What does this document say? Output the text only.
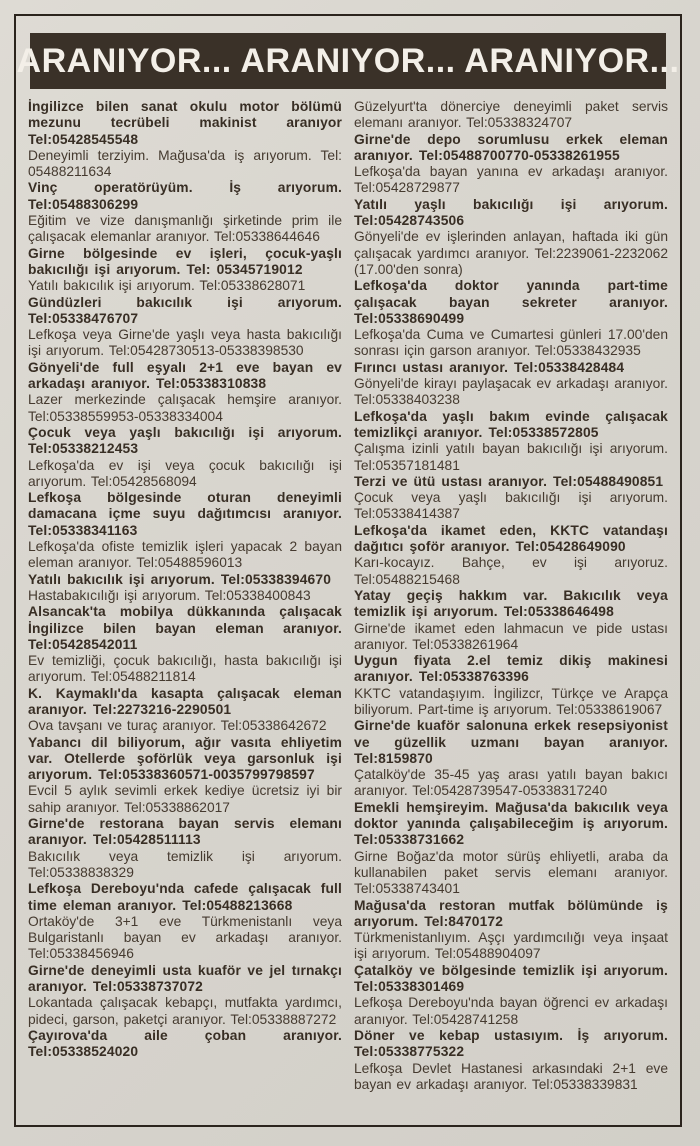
ARANIYOR... ARANIYOR... ARANIYOR...

İngilizce bilen sanat okulu motor bölümü mezunu tecrübeli makinist aranıyor Tel:05428545548

Deneyimli terziyim. Mağusa'da iş arıyorum. Tel: 05488211634

Vinç operatörüyüm. İş arıyorum. Tel:05488306299

Eğitim ve vize danışmanlığı şirketinde prim ile çalışacak elemanlar aranıyor. Tel:05338644646

Girne bölgesinde ev işleri, çocuk-yaşlı bakıcılığı işi arıyorum. Tel: 05345719012

Yatılı bakıcılık işi arıyorum. Tel:05338628071

Gündüzleri bakıcılık işi arıyorum. Tel:05338476707

Lefkoşa veya Girne'de yaşlı veya hasta bakıcılığı işi arıyorum. Tel:05428730513-05338398530

Gönyeli'de full eşyalı 2+1 eve bayan ev arkadaşı aranıyor. Tel:05338310838

Lazer merkezinde çalışacak hemşire aranıyor. Tel:05338559953-05338334004

Çocuk veya yaşlı bakıcılığı işi arıyorum. Tel:05338212453

Lefkoşa'da ev işi veya çocuk bakıcılığı işi arıyorum. Tel:05428568094

Lefkoşa bölgesinde oturan deneyimli damacana içme suyu dağıtımcısı aranıyor. Tel:05338341163

Lefkoşa'da ofiste temizlik işleri yapacak 2 bayan eleman aranıyor. Tel:05488596013

Yatılı bakıcılık işi arıyorum. Tel:05338394670

Hastabakıcılığı işi arıyorum. Tel:05338400843

Alsancak'ta mobilya dükkanında çalışacak İngilizce bilen bayan eleman aranıyor. Tel:05428542011

Ev temizliği, çocuk bakıcılığı, hasta bakıcılığı işi arıyorum. Tel:05488211814

K. Kaymaklı'da kasapta çalışacak eleman aranıyor. Tel:2273216-2290501

Ova tavşanı ve turaç aranıyor. Tel:05338642672

Yabancı dil biliyorum, ağır vasıta ehliyetim var. Otellerde şoförlük veya garsonluk işi arıyorum. Tel:05338360571-0035799798597

Evcil 5 aylık sevimli erkek kediye ücretsiz iyi bir sahip aranıyor. Tel:05338862017

Girne'de restorana bayan servis elemanı aranıyor. Tel:05428511113

Bakıcılık veya temizlik işi arıyorum. Tel:05338838329

Lefkoşa Dereboyu'nda cafede çalışacak full time eleman aranıyor. Tel:05488213668

Ortaköy'de 3+1 eve Türkmenistanlı veya Bulgaristanlı bayan ev arkadaşı aranıyor. Tel:05338456946

Girne'de deneyimli usta kuaför ve jel tırnakçı aranıyor. Tel:05338737072

Lokantada çalışacak kebapçı, mutfakta yardımcı, pideci, garson, paketçi aranıyor. Tel:05338887272

Çayırova'da aile çoban aranıyor. Tel:05338524020

Güzelyurt'ta dönerciye deneyimli paket servis elemanı aranıyor. Tel:05338324707

Girne'de depo sorumlusu erkek eleman aranıyor. Tel:05488700770-05338261955

Lefkoşa'da bayan yanına ev arkadaşı aranıyor. Tel:05428729877

Yatılı yaşlı bakıcılığı işi arıyorum. Tel:05428743506

Gönyeli'de ev işlerinden anlayan, haftada iki gün çalışacak yardımcı aranıyor. Tel:2239061-2232062 (17.00'den sonra)

Lefkoşa'da doktor yanında part-time çalışacak bayan sekreter aranıyor. Tel:05338690499

Lefkoşa'da Cuma ve Cumartesi günleri 17.00'den sonrası için garson aranıyor. Tel:05338432935

Fırıncı ustası aranıyor. Tel:05338428484

Gönyeli'de kirayı paylaşacak ev arkadaşı aranıyor. Tel:05338403238

Lefkoşa'da yaşlı bakım evinde çalışacak temizlikçi aranıyor. Tel:05338572805

Çalışma izinli yatılı bayan bakıcılığı işi arıyorum. Tel:05357181481

Terzi ve ütü ustası aranıyor. Tel:05488490851

Çocuk veya yaşlı bakıcılığı işi arıyorum. Tel:05338414387

Lefkoşa'da ikamet eden, KKTC vatandaşı dağıtıcı şoför aranıyor. Tel:05428649090

Karı-kocayız. Bahçe, ev işi arıyoruz. Tel:05488215468

Yatay geçiş hakkım var. Bakıcılık veya temizlik işi arıyorum. Tel:05338646498

Girne'de ikamet eden lahmacun ve pide ustası aranıyor. Tel:05338261964

Uygun fiyata 2.el temiz dikiş makinesi aranıyor. Tel:05338763396

KKTC vatandaşıyım. İngilizcr, Türkçe ve Arapça biliyorum. Part-time iş arıyorum. Tel:05338619067

Girne'de kuaför salonuna erkek resepsiyonist ve güzellik uzmanı bayan aranıyor. Tel:8159870

Çatalköy'de 35-45 yaş arası yatılı bayan bakıcı aranıyor. Tel:05428739547-05338317240

Emekli hemşireyim. Mağusa'da bakıcılık veya doktor yanında çalışabileceğim iş arıyorum. Tel:05338731662

Girne Boğaz'da motor sürüş ehliyetli, araba da kullanabilen paket servis elemanı aranıyor. Tel:05338743401

Mağusa'da restoran mutfak bölümünde iş arıyorum. Tel:8470172

Türkmenistanlıyım. Aşçı yardımcılığı veya inşaat işi arıyorum. Tel:05488904097

Çatalköy ve bölgesinde temizlik işi arıyorum. Tel:05338301469

Lefkoşa Dereboyu'nda bayan öğrenci ev arkadaşı aranıyor. Tel:05428741258

Döner ve kebap ustasıyım. İş arıyorum. Tel:05338775322

Lefkoşa Devlet Hastanesi arkasındaki 2+1 eve bayan ev arkadaşı aranıyor. Tel:05338339831
